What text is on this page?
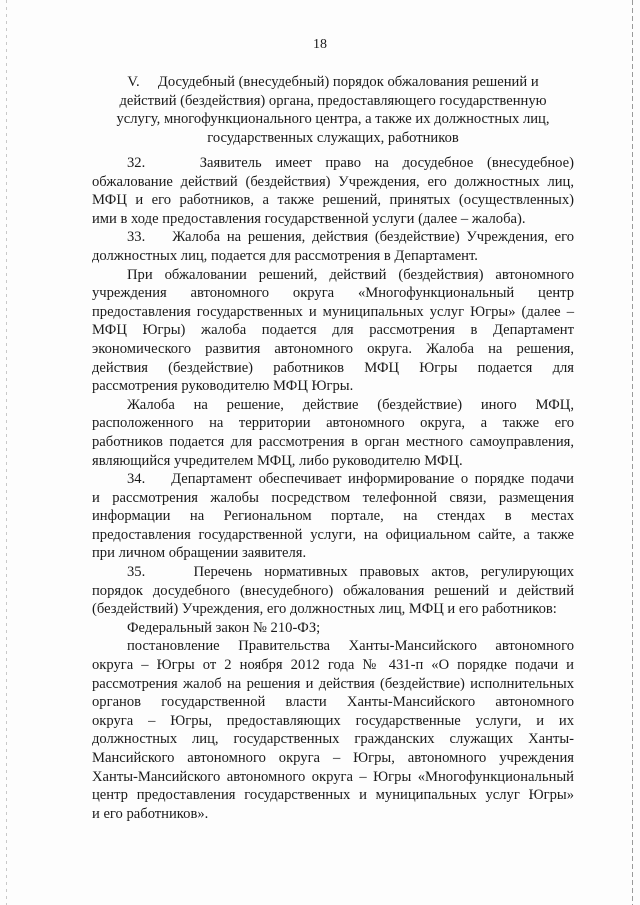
18
V.     Досудебный (внесудебный) порядок обжалования решений и
действий (бездействия) органа, предоставляющего государственную
услугу, многофункционального центра, а также их должностных лиц,
государственных служащих, работников

32.    Заявитель имеет право на досудебное (внесудебное)
обжалование действий (бездействия) Учреждения, его должностных лиц,
МФЦ и его работников, а также решений, принятых (осуществленных)
ими в ходе предоставления государственной услуги (далее – жалоба).

33.    Жалоба на решения, действия (бездействие) Учреждения, его
должностных лиц, подается для рассмотрения в Департамент.

При обжаловании решений, действий (бездействия) автономного
учреждения автономного округа «Многофункциональный центр
предоставления государственных и муниципальных услуг Югры» (далее –
МФЦ Югры) жалоба подается для рассмотрения в Департамент
экономического развития автономного округа. Жалоба на решения,
действия (бездействие) работников МФЦ Югры подается для
рассмотрения руководителю МФЦ Югры.

Жалоба на решение, действие (бездействие) иного МФЦ,
расположенного на территории автономного округа, а также его
работников подается для рассмотрения в орган местного самоуправления,
являющийся учредителем МФЦ, либо руководителю МФЦ.

34.    Департамент обеспечивает информирование о порядке подачи
и рассмотрения жалобы посредством телефонной связи, размещения
информации на Региональном портале, на стендах в местах
предоставления государственной услуги, на официальном сайте, а также
при личном обращении заявителя.

35.    Перечень нормативных правовых актов, регулирующих
порядок досудебного (внесудебного) обжалования решений и действий
(бездействий) Учреждения, его должностных лиц, МФЦ и его работников:

Федеральный закон № 210-ФЗ;

постановление Правительства Ханты-Мансийского автономного
округа – Югры от 2 ноября 2012 года № 431-п «О порядке подачи и
рассмотрения жалоб на решения и действия (бездействие) исполнительных
органов государственной власти Ханты-Мансийского автономного
округа – Югры, предоставляющих государственные услуги, и их
должностных лиц, государственных гражданских служащих Ханты-
Мансийского автономного округа – Югры, автономного учреждения
Ханты-Мансийского автономного округа – Югры «Многофункциональный
центр предоставления государственных и муниципальных услуг Югры»
и его работников».
